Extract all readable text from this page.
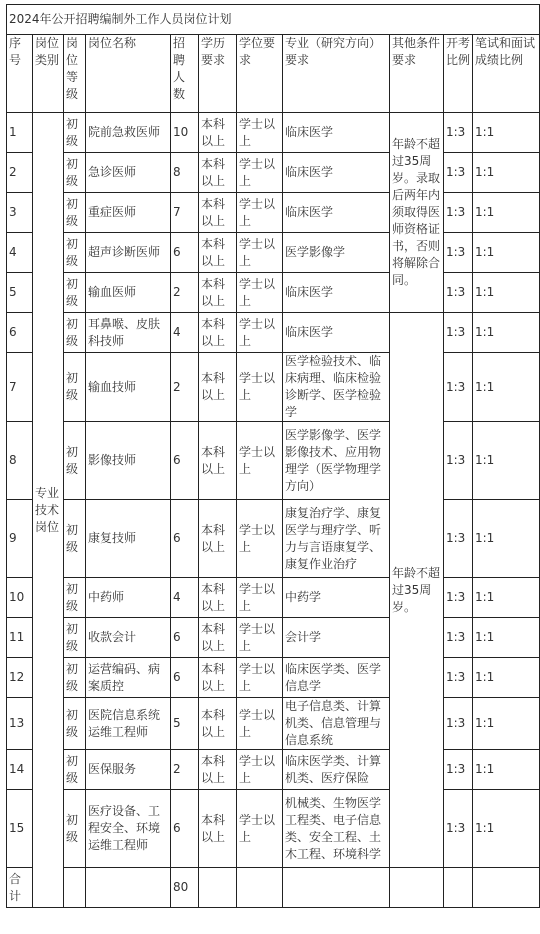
2024年公开招聘编制外工作人员岗位计划										
序号	岗位类别	岗位等级	岗位名称	招聘人数	学历要求	学位要求	专业（研究方向）要求	其他条件要求	开考比例	笔试和面试成绩比例
1	专业技术岗位	初级	院前急救医师	10	本科以上	学士以上	临床医学	年龄不超过35周岁。录取后两年内须取得医师资格证书，否则将解除合同。	1:3	1:1
2		初级	急诊医师	8	本科以上	学士以上	临床医学		1:3	1:1
3		初级	重症医师	7	本科以上	学士以上	临床医学		1:3	1:1
4		初级	超声诊断医师	6	本科以上	学士以上	医学影像学		1:3	1:1
5		初级	输血医师	2	本科以上	学士以上	临床医学		1:3	1:1
6		初级	耳鼻喉、皮肤科技师	4	本科以上	学士以上	临床医学	年龄不超过35周岁。	1:3	1:1
7		初级	输血技师	2	本科以上	学士以上	医学检验技术、临床病理、临床检验诊断学、医学检验学		1:3	1:1
8		初级	影像技师	6	本科以上	学士以上	医学影像学、医学影像技术、应用物理学（医学物理学方向）		1:3	1:1
9		初级	康复技师	6	本科以上	学士以上	康复治疗学、康复医学与理疗学、听力与言语康复学、康复作业治疗		1:3	1:1
10		初级	中药师	4	本科以上	学士以上	中药学		1:3	1:1
11		初级	收款会计	6	本科以上	学士以上	会计学		1:3	1:1
12		初级	运营编码、病案质控	6	本科以上	学士以上	临床医学类、医学信息学		1:3	1:1
13		初级	医院信息系统运维工程师	5	本科以上	学士以上	电子信息类、计算机类、信息管理与信息系统		1:3	1:1
14		初级	医保服务	2	本科以上	学士以上	临床医学类、计算机类、医疗保险		1:3	1:1
15		初级	医疗设备、工程安全、环境运维工程师	6	本科以上	学士以上	机械类、生物医学工程类、电子信息类、安全工程、土木工程、环境科学		1:3	1:1
合计				80						
